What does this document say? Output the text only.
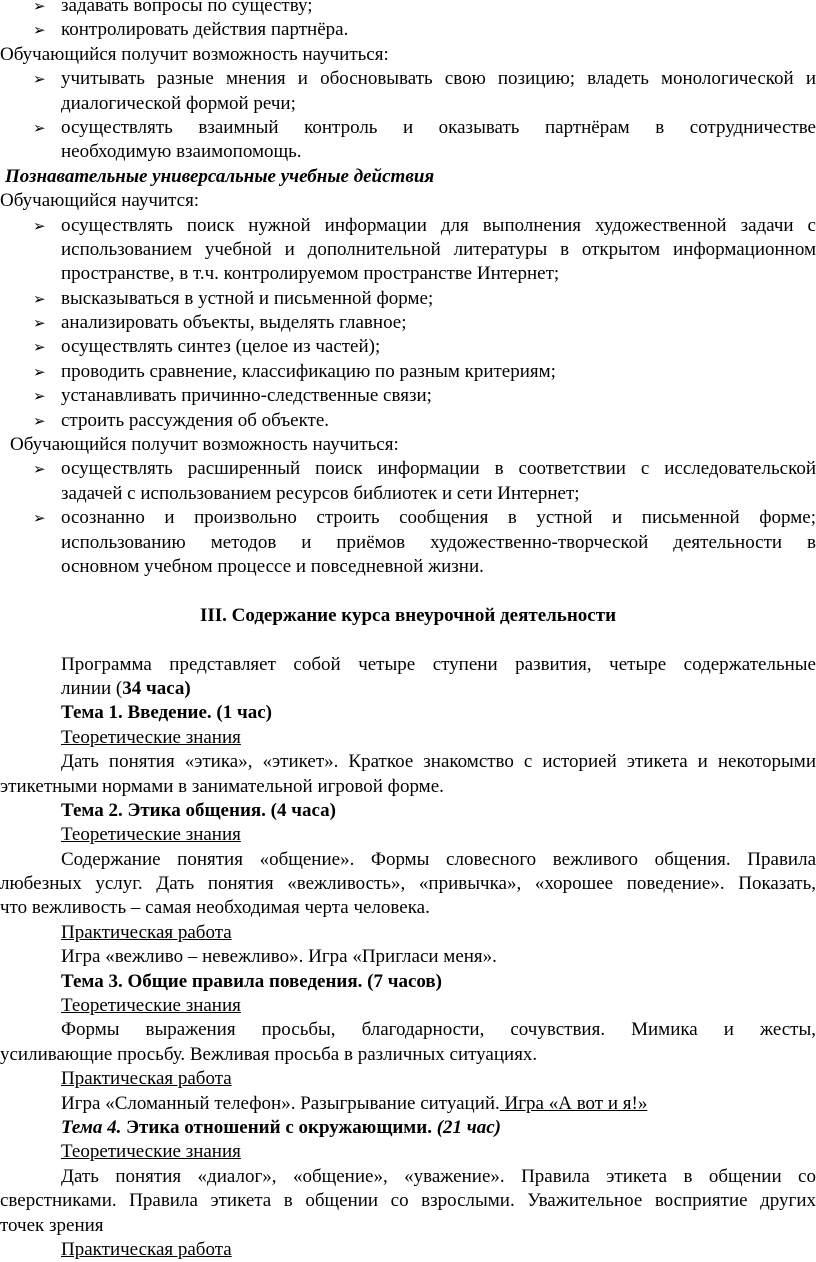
➢ задавать вопросы по существу;
➢ контролировать действия партнёра.
Обучающийся получит возможность научиться:
➢ учитывать разные мнения и обосновывать свою позицию; владеть монологической и
диалогической формой речи;
➢ осуществлять взаимный контроль и оказывать партнёрам в сотрудничестве
необходимую взаимопомощь.
Познавательные универсальные учебные действия
Обучающийся научится:
➢ осуществлять поиск нужной информации для выполнения художественной задачи с
использованием учебной и дополнительной литературы в открытом информационном
пространстве, в т.ч. контролируемом пространстве Интернет;
➢ высказываться в устной и письменной форме;
➢ анализировать объекты, выделять главное;
➢ осуществлять синтез (целое из частей);
➢ проводить сравнение, классификацию по разным критериям;
➢ устанавливать причинно-следственные связи;
➢ строить рассуждения об объекте.
Обучающийся получит возможность научиться:
➢ осуществлять расширенный поиск информации в соответствии с исследовательской
задачей с использованием ресурсов библиотек и сети Интернет;
➢ осознанно и произвольно строить сообщения в устной и письменной форме;
использованию методов и приёмов художественно-творческой деятельности в
основном учебном процессе и повседневной жизни.
III. Содержание курса внеурочной деятельности
Программа представляет собой четыре ступени развития, четыре содержательные
линии (34 часа)
Тема 1. Введение. (1 час)
Теоретические знания
Дать понятия «этика», «этикет». Краткое знакомство с историей этикета и некоторыми
этикетными нормами в занимательной игровой форме.
Тема 2. Этика общения. (4 часа)
Теоретические знания
Содержание понятия «общение». Формы словесного вежливого общения. Правила
любезных услуг. Дать понятия «вежливость», «привычка», «хорошее поведение». Показать,
что вежливость – самая необходимая черта человека.
Практическая работа
Игра «вежливо – невежливо». Игра «Пригласи меня».
Тема 3. Общие правила поведения. (7 часов)
Теоретические знания
Формы выражения просьбы, благодарности, сочувствия. Мимика и жесты,
усиливающие просьбу. Вежливая просьба в различных ситуациях.
Практическая работа
Игра «Сломанный телефон». Разыгрывание ситуаций. Игра «А вот и я!»
Тема 4. Этика отношений с окружающими. (21 час)
Теоретические знания
Дать понятия «диалог», «общение», «уважение». Правила этикета в общении со
сверстниками. Правила этикета в общении со взрослыми. Уважительное восприятие других
точек зрения
Практическая работа
